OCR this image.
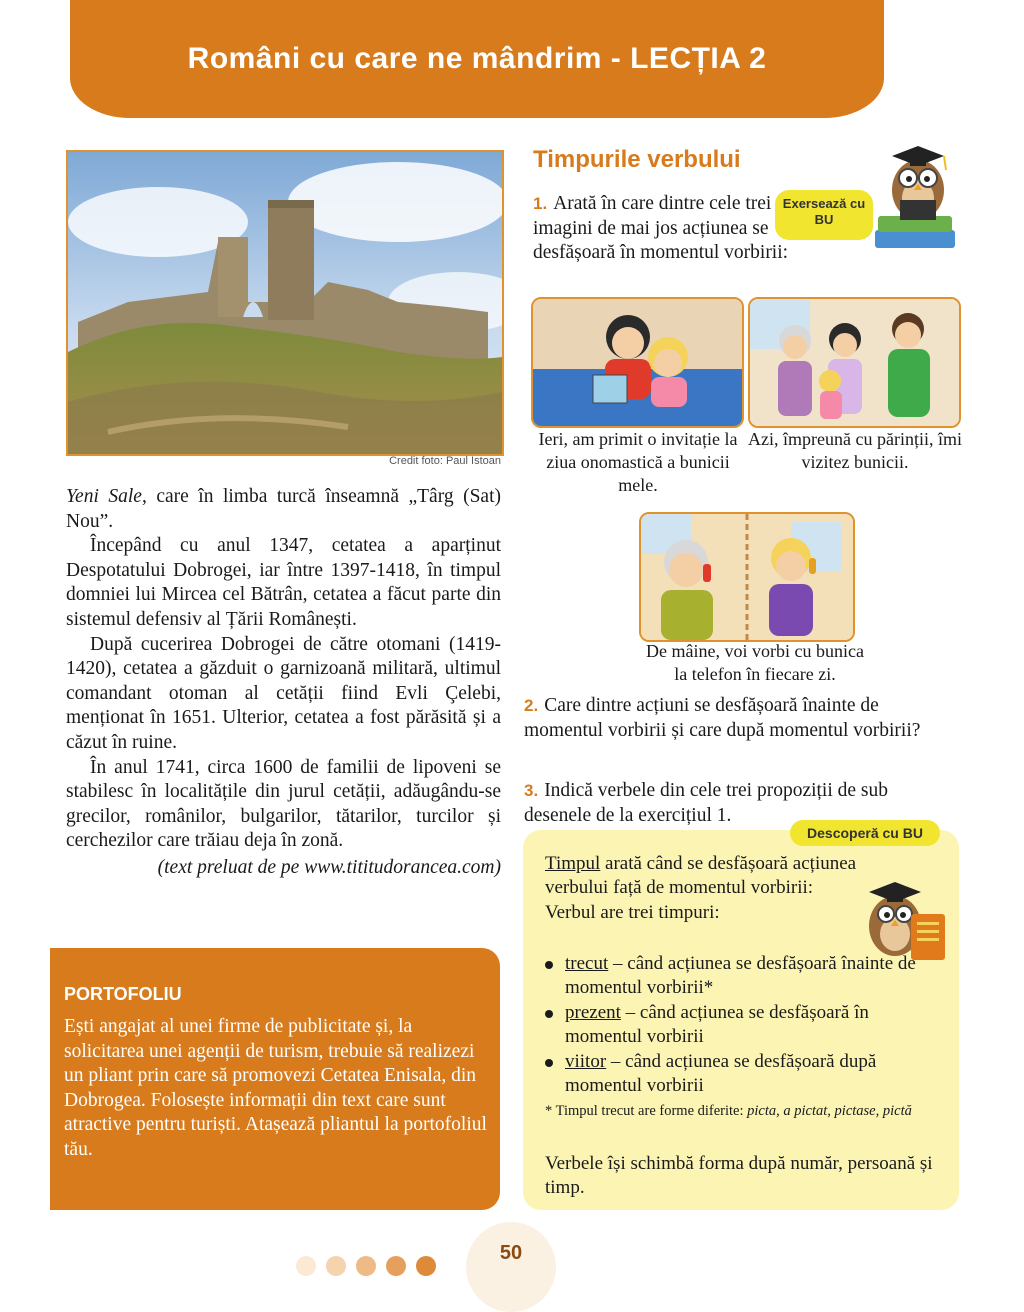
Români cu care ne mândrim - LECȚIA 2
Credit foto: Paul Istoan

Yeni Sale, care în limba turcă înseamnă „Târg (Sat) Nou”.

Începând cu anul 1347, cetatea a aparținut Despotatului Dobrogei, iar între 1397-1418, în timpul domniei lui Mircea cel Bătrân, cetatea a făcut parte din sistemul defensiv al Țării Românești.

După cucerirea Dobrogei de către otomani (1419-1420), cetatea a găzduit o garnizoană militară, ultimul comandant otoman al cetății fiind Evli Çelebi, menționat în 1651. Ulterior, cetatea a fost părăsită și a căzut în ruine.

În anul 1741, circa 1600 de familii de lipoveni se stabilesc în localitățile din jurul cetății, adăugându-se grecilor, românilor, bulgarilor, tătarilor, turcilor și cerchezilor care trăiau deja în zonă.

(text preluat de pe www.tititudorancea.com)

PORTOFOLIU
Ești angajat al unei firme de publicitate și, la solicitarea unei agenții de turism, trebuie să realizezi un pliant prin care să promovezi Cetatea Enisala, din Dobrogea. Folosește informații din text care sunt atractive pentru turiști. Atașează pliantul la portofoliul tău.
Timpurile verbului
Exersează cu BU
1. Arată în care dintre cele trei imagini de mai jos acțiunea se desfășoară în momentul vorbirii:
Ieri, am primit o invitație la ziua onomastică a bunicii mele.
Azi, împreună cu părinții, îmi vizitez bunicii.
De mâine, voi vorbi cu bunica la telefon în fiecare zi.
2. Care dintre acțiuni se desfășoară înainte de momentul vorbirii și care după momentul vorbirii?
3. Indică verbele din cele trei propoziții de sub desenele de la exercițiul 1.
Timpul arată când se desfășoară acțiunea verbului față de momentul vorbirii:
Verbul are trei timpuri:
trecut – când acțiunea se desfășoară înainte de momentul vorbirii*
prezent – când acțiunea se desfășoară în momentul vorbirii
viitor – când acțiunea se desfășoară după momentul vorbirii
* Timpul trecut are forme diferite: picta, a pictat, pictase, pictă
Verbele își schimbă forma după număr, persoană și timp.
Descoperă cu BU
50
